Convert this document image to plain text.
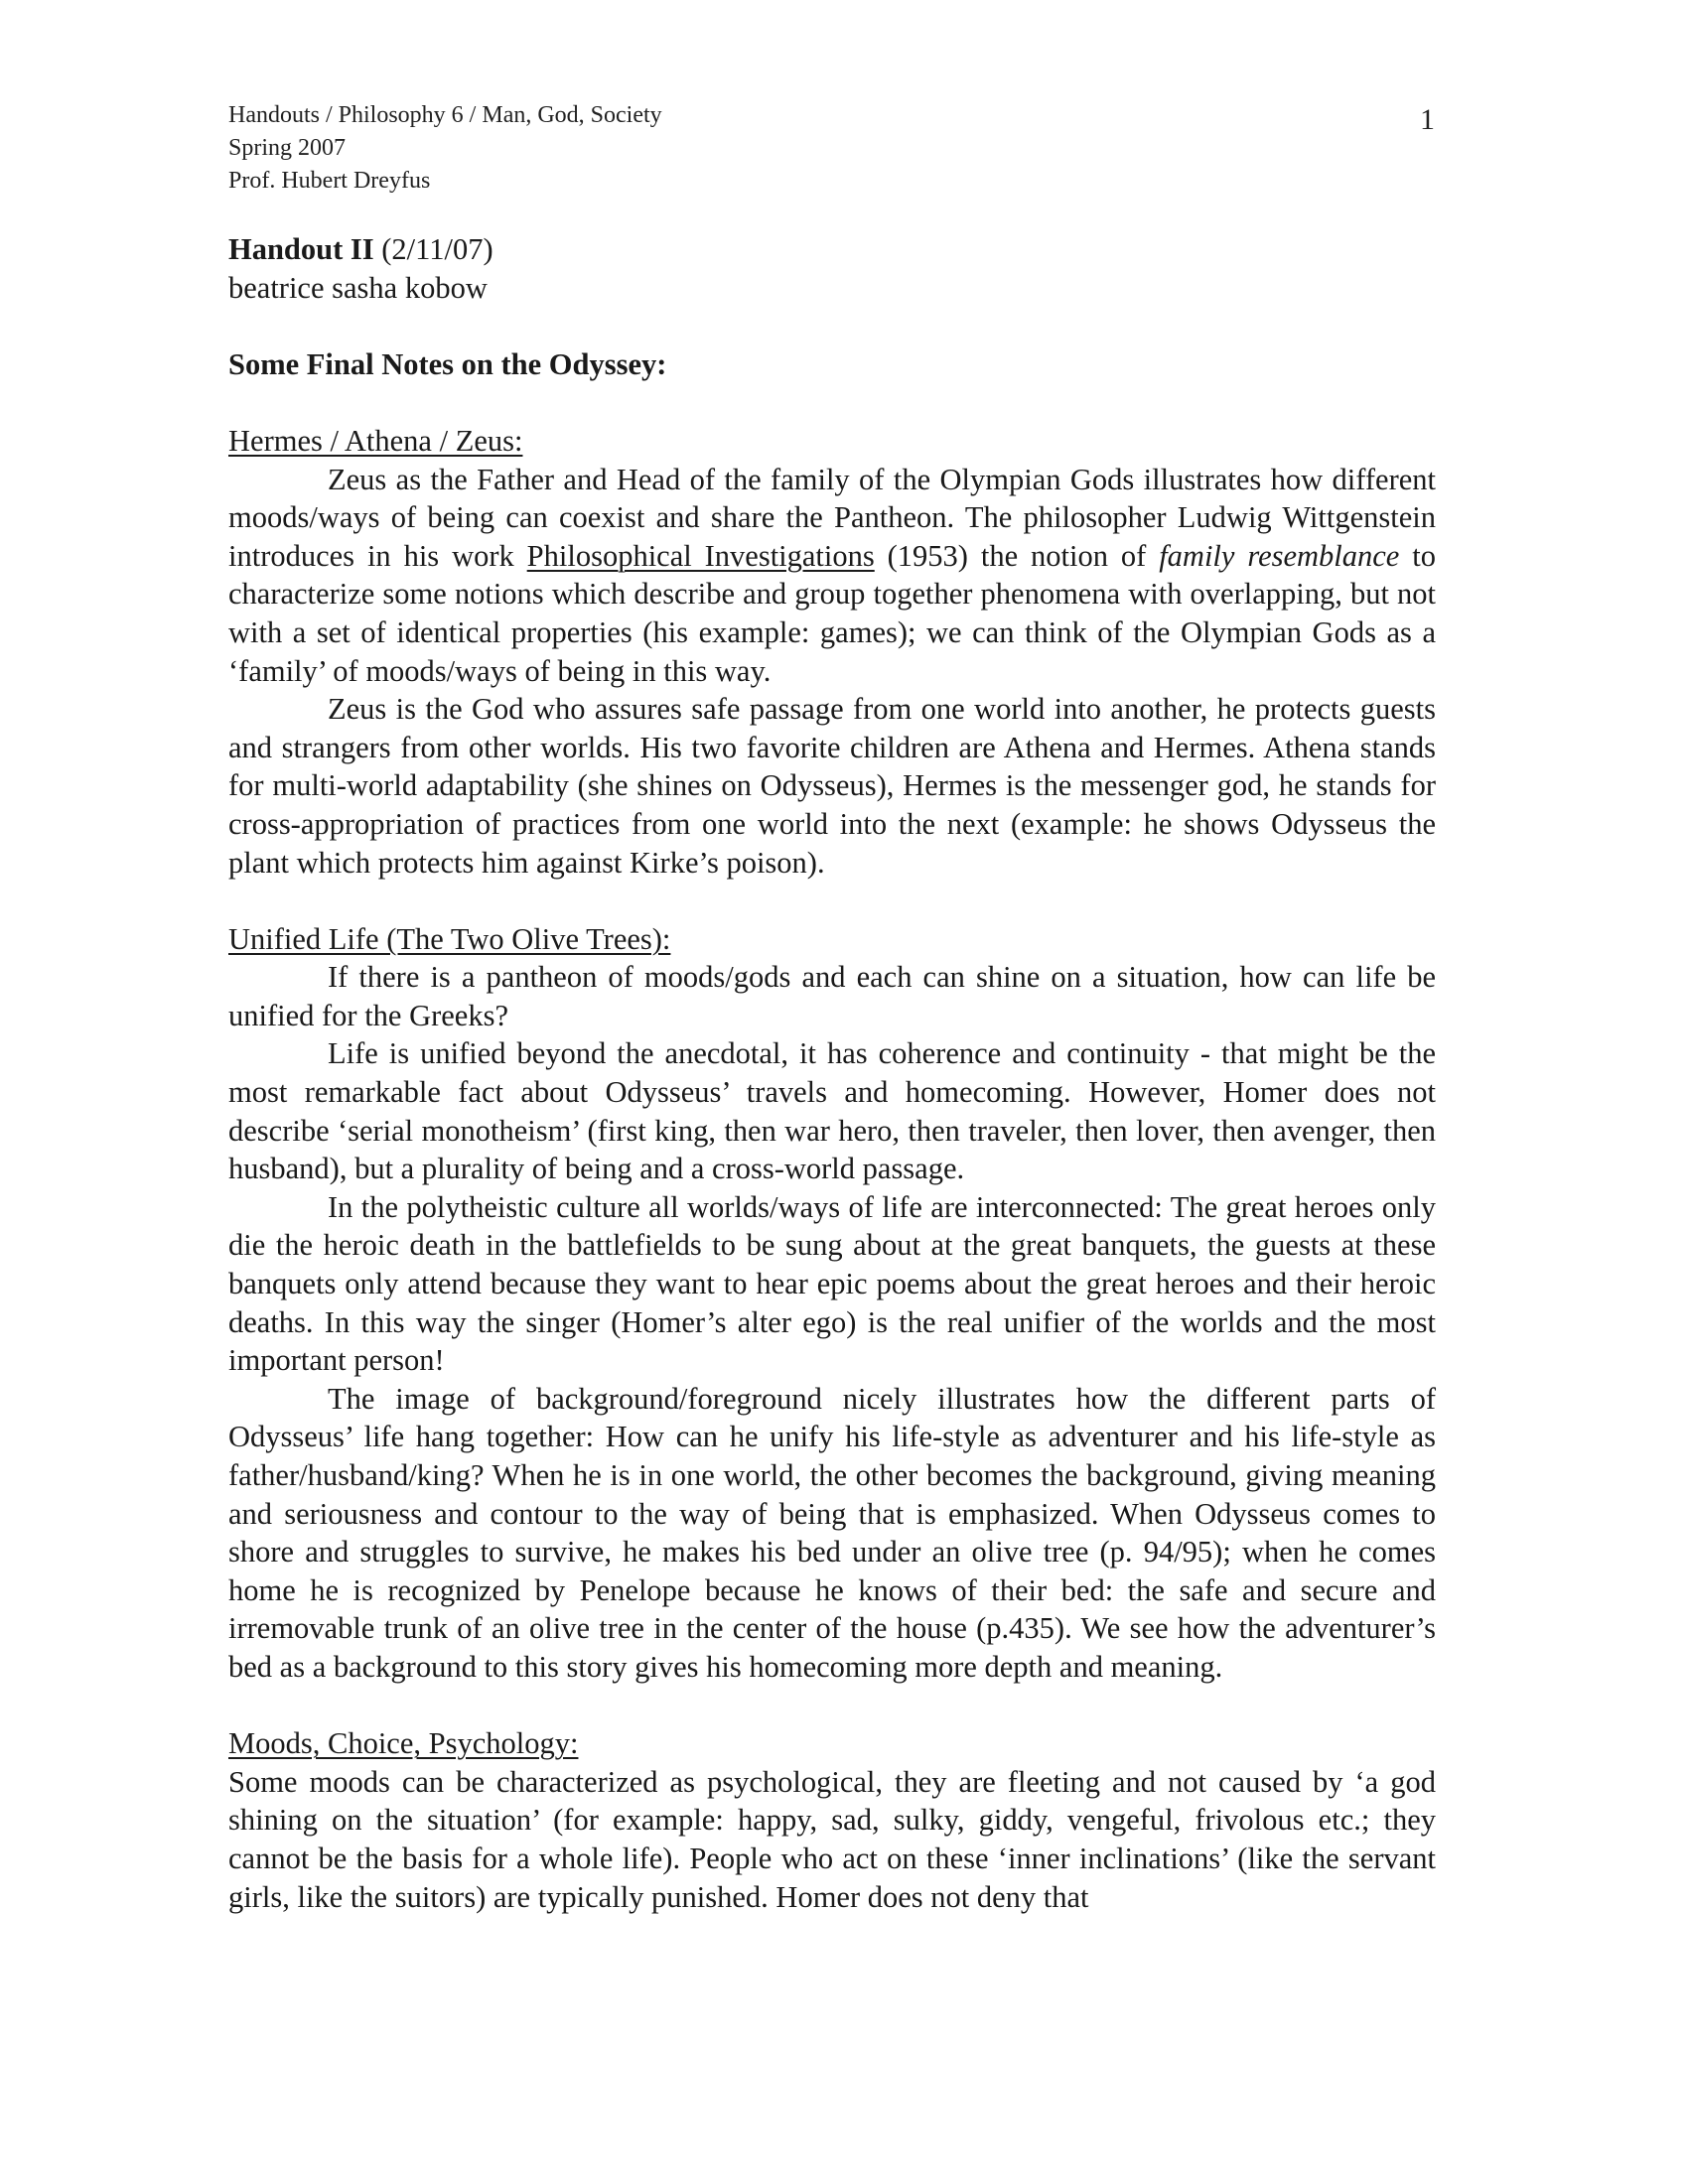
Handouts / Philosophy 6 / Man, God, Society
Spring 2007
Prof. Hubert Dreyfus
1
Handout II (2/11/07)
beatrice sasha kobow
Some Final Notes on the Odyssey:
Hermes / Athena / Zeus:

Zeus as the Father and Head of the family of the Olympian Gods illustrates how different moods/ways of being can coexist and share the Pantheon. The philosopher Ludwig Wittgenstein introduces in his work Philosophical Investigations (1953) the notion of family resemblance to characterize some notions which describe and group together phenomena with overlapping, but not with a set of identical properties (his example: games); we can think of the Olympian Gods as a ‘family’ of moods/ways of being in this way.

Zeus is the God who assures safe passage from one world into another, he protects guests and strangers from other worlds. His two favorite children are Athena and Hermes. Athena stands for multi-world adaptability (she shines on Odysseus), Hermes is the messenger god, he stands for cross-appropriation of practices from one world into the next (example: he shows Odysseus the plant which protects him against Kirke’s poison).

Unified Life (The Two Olive Trees):

If there is a pantheon of moods/gods and each can shine on a situation, how can life be unified for the Greeks?

Life is unified beyond the anecdotal, it has coherence and continuity - that might be the most remarkable fact about Odysseus’ travels and homecoming. However, Homer does not describe ‘serial monotheism’ (first king, then war hero, then traveler, then lover, then avenger, then husband), but a plurality of being and a cross-world passage.

In the polytheistic culture all worlds/ways of life are interconnected: The great heroes only die the heroic death in the battlefields to be sung about at the great banquets, the guests at these banquets only attend because they want to hear epic poems about the great heroes and their heroic deaths. In this way the singer (Homer’s alter ego) is the real unifier of the worlds and the most important person!

The image of background/foreground nicely illustrates how the different parts of Odysseus’ life hang together: How can he unify his life-style as adventurer and his life-style as father/husband/king? When he is in one world, the other becomes the background, giving meaning and seriousness and contour to the way of being that is emphasized. When Odysseus comes to shore and struggles to survive, he makes his bed under an olive tree (p. 94/95); when he comes home he is recognized by Penelope because he knows of their bed: the safe and secure and irremovable trunk of an olive tree in the center of the house (p.435). We see how the adventurer’s bed as a background to this story gives his homecoming more depth and meaning.

Moods, Choice, Psychology:

Some moods can be characterized as psychological, they are fleeting and not caused by ‘a god shining on the situation’ (for example: happy, sad, sulky, giddy, vengeful, frivolous etc.; they cannot be the basis for a whole life). People who act on these ‘inner inclinations’ (like the servant girls, like the suitors) are typically punished. Homer does not deny that
